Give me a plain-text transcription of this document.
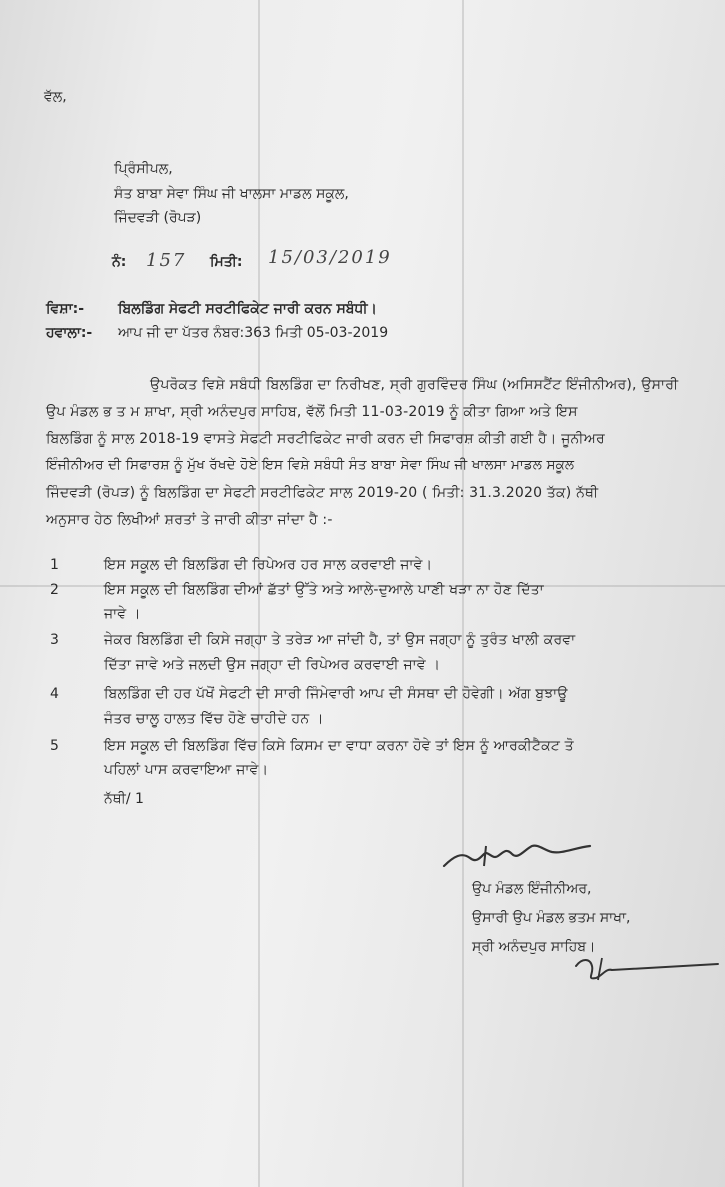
ਵੱਲ,
ਪ੍ਰਿੰਸੀਪਲ,
ਸੰਤ ਬਾਬਾ ਸੇਵਾ ਸਿੰਘ ਜੀ ਖਾਲਸਾ ਮਾਡਲ ਸਕੂਲ,
ਜਿੰਦਵੜੀ (ਰੋਪੜ)
ਨੰ: 157 ਮਿਤੀ: 15/03/2019
ਵਿਸ਼ਾ:- ਬਿਲਡਿੰਗ ਸੇਫਟੀ ਸਰਟੀਫਿਕੇਟ ਜਾਰੀ ਕਰਨ ਸਬੰਧੀ।
ਹਵਾਲਾ:- ਆਪ ਜੀ ਦਾ ਪੱਤਰ ਨੰਬਰ:363 ਮਿਤੀ 05-03-2019
ਉਪਰੋਕਤ ਵਿਸ਼ੇ ਸਬੰਧੀ ਬਿਲਡਿੰਗ ਦਾ ਨਿਰੀਖਣ, ਸ੍ਰੀ ਗੁਰਵਿੰਦਰ ਸਿੰਘ (ਅਸਿਸਟੈਂਟ ਇੰਜੀਨੀਅਰ), ਉਸਾਰੀ
ਉਪ ਮੰਡਲ ਭ ਤ ਮ ਸ਼ਾਖਾ, ਸ੍ਰੀ ਅਨੰਦਪੁਰ ਸਾਹਿਬ, ਵੱਲੋਂ ਮਿਤੀ 11-03-2019 ਨੂੰ ਕੀਤਾ ਗਿਆ ਅਤੇ ਇਸ
ਬਿਲਡਿੰਗ ਨੂੰ ਸਾਲ 2018-19 ਵਾਸਤੇ ਸੇਫਟੀ ਸਰਟੀਫਿਕੇਟ ਜਾਰੀ ਕਰਨ ਦੀ ਸਿਫਾਰਸ਼ ਕੀਤੀ ਗਈ ਹੈ। ਜੂਨੀਅਰ
ਇੰਜੀਨੀਅਰ ਦੀ ਸਿਫਾਰਸ਼ ਨੂੰ ਮੁੱਖ ਰੱਖਦੇ ਹੋਏ ਇਸ ਵਿਸ਼ੇ ਸਬੰਧੀ ਸੰਤ ਬਾਬਾ ਸੇਵਾ ਸਿੰਘ ਜੀ ਖਾਲਸਾ ਮਾਡਲ ਸਕੂਲ
ਜਿੰਦਵੜੀ (ਰੋਪੜ) ਨੂੰ ਬਿਲਡਿੰਗ ਦਾ ਸੇਫਟੀ ਸਰਟੀਫਿਕੇਟ ਸਾਲ 2019-20 ( ਮਿਤੀ: 31.3.2020 ਤੱਕ) ਨੱਥੀ
ਅਨੁਸਾਰ ਹੇਠ ਲਿਖੀਆਂ ਸ਼ਰਤਾਂ ਤੇ ਜਾਰੀ ਕੀਤਾ ਜਾਂਦਾ ਹੈ :-
1	ਇਸ ਸਕੂਲ ਦੀ ਬਿਲਡਿੰਗ ਦੀ ਰਿਪੇਅਰ ਹਰ ਸਾਲ ਕਰਵਾਈ ਜਾਵੇ।
2	ਇਸ ਸਕੂਲ ਦੀ ਬਿਲਡਿੰਗ ਦੀਆਂ ਛੱਤਾਂ ਉੱਤੇ ਅਤੇ ਆਲੇ-ਦੁਆਲੇ ਪਾਣੀ ਖੜਾ ਨਾ ਹੋਣ ਦਿੱਤਾ
ਜਾਵੇ ।
3	ਜੇਕਰ ਬਿਲਡਿੰਗ ਦੀ ਕਿਸੇ ਜਗ੍ਹਾ ਤੇ ਤਰੇੜ ਆ ਜਾਂਦੀ ਹੈ, ਤਾਂ ਉਸ ਜਗ੍ਹਾ ਨੂੰ ਤੁਰੰਤ ਖਾਲੀ ਕਰਵਾ
ਦਿੱਤਾ ਜਾਵੇ ਅਤੇ ਜਲਦੀ ਉਸ ਜਗ੍ਹਾ ਦੀ ਰਿਪੇਅਰ ਕਰਵਾਈ ਜਾਵੇ ।
4	ਬਿਲਡਿੰਗ ਦੀ ਹਰ ਪੱਖੋਂ ਸੇਫਟੀ ਦੀ ਸਾਰੀ ਜਿੰਮੇਵਾਰੀ ਆਪ ਦੀ ਸੰਸਥਾ ਦੀ ਹੋਵੇਗੀ। ਅੱਗ ਬੁਝਾਊ
ਜੰਤਰ ਚਾਲੂ ਹਾਲਤ ਵਿੱਚ ਹੋਣੇ ਚਾਹੀਦੇ ਹਨ ।
5	ਇਸ ਸਕੂਲ ਦੀ ਬਿਲਡਿੰਗ ਵਿੱਚ ਕਿਸੇ ਕਿਸਮ ਦਾ ਵਾਧਾ ਕਰਨਾ ਹੋਵੇ ਤਾਂ ਇਸ ਨੂੰ ਆਰਕੀਟੈਕਟ ਤੋ
ਪਹਿਲਾਂ ਪਾਸ ਕਰਵਾਇਆ ਜਾਵੇ।
ਨੱਥੀ/ 1
ਉਪ ਮੰਡਲ ਇੰਜੀਨੀਅਰ,
ਉਸਾਰੀ ਉਪ ਮੰਡਲ ਭਤਮ ਸਾਖਾ,
ਸ੍ਰੀ ਅਨੰਦਪੁਰ ਸਾਹਿਬ।
